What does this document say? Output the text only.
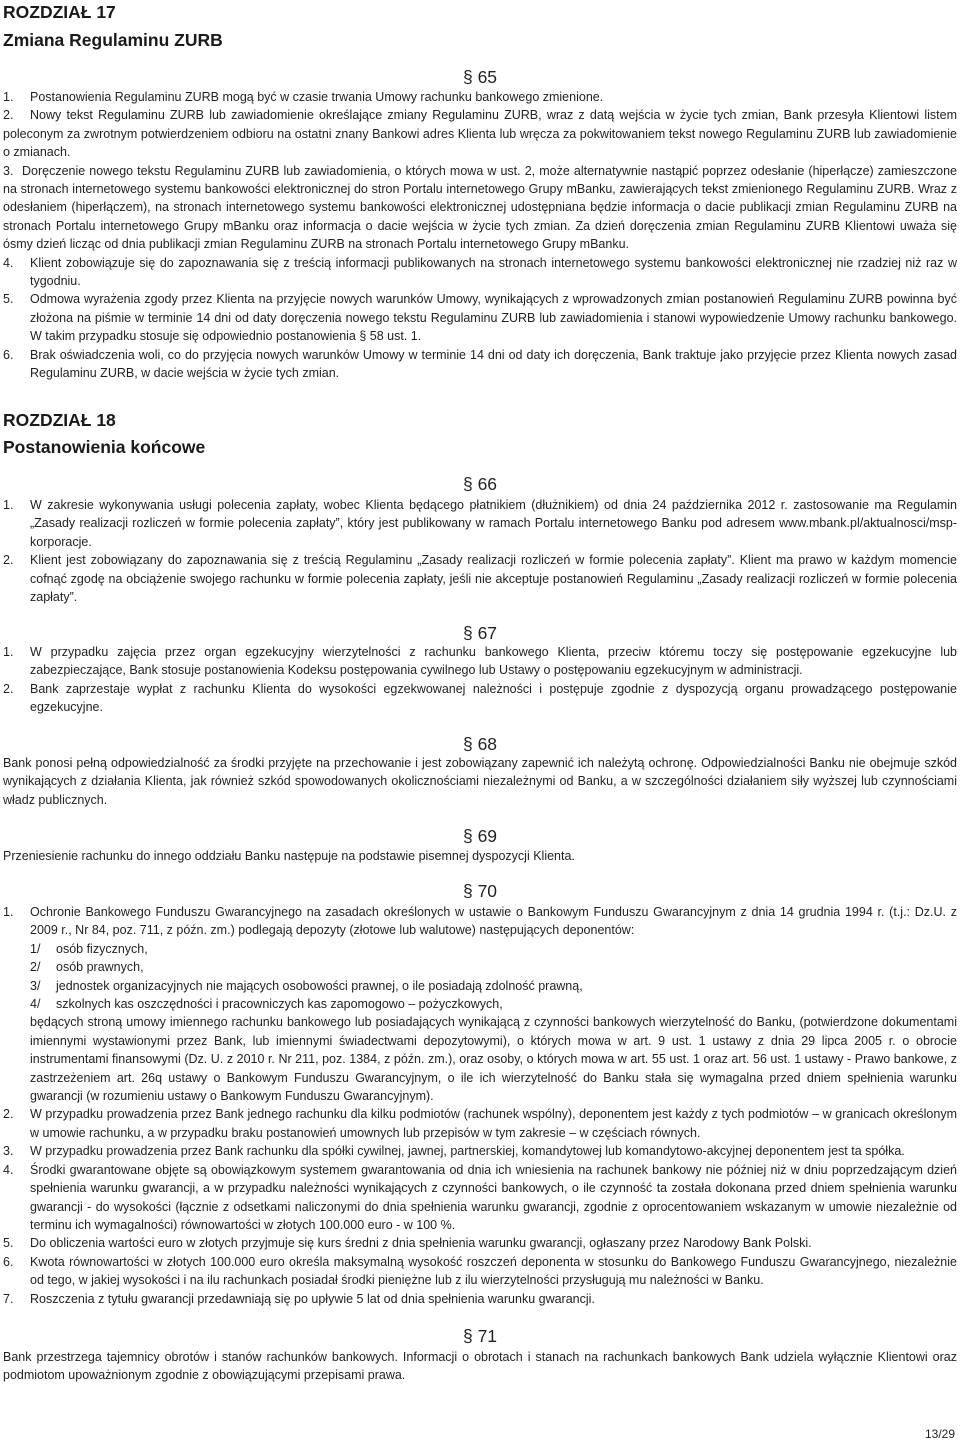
ROZDZIAŁ 17
Zmiana Regulaminu ZURB
§ 65
1. Postanowienia Regulaminu ZURB mogą być w czasie trwania Umowy rachunku bankowego zmienione.
2. Nowy tekst Regulaminu ZURB lub zawiadomienie określające zmiany Regulaminu ZURB, wraz z datą wejścia w życie tych zmian, Bank przesyła Klientowi listem poleconym za zwrotnym potwierdzeniem odbioru na ostatni znany Bankowi adres Klienta lub wręcza za pokwitowaniem tekst nowego Regulaminu ZURB lub zawiadomienie o zmianach.
3. Doręczenie nowego tekstu Regulaminu ZURB lub zawiadomienia, o których mowa w ust. 2, może alternatywnie nastąpić poprzez odesłanie (hiperłącze) zamieszczone na stronach internetowego systemu bankowości elektronicznej do stron Portalu internetowego Grupy mBanku, zawierających tekst zmienionego Regulaminu ZURB. Wraz z odesłaniem (hiperłączem), na stronach internetowego systemu bankowości elektronicznej udostępniana będzie informacja o dacie publikacji zmian Regulaminu ZURB na stronach Portalu internetowego Grupy mBanku oraz informacja o dacie wejścia w życie tych zmian. Za dzień doręczenia zmian Regulaminu ZURB Klientowi uważa się ósmy dzień licząc od dnia publikacji zmian Regulaminu ZURB na stronach Portalu internetowego Grupy mBanku.
4. Klient zobowiązuje się do zapoznawania się z treścią informacji publikowanych na stronach internetowego systemu bankowości elektronicznej nie rzadziej niż raz w tygodniu.
5. Odmowa wyrażenia zgody przez Klienta na przyjęcie nowych warunków Umowy, wynikających z wprowadzonych zmian postanowień Regulaminu ZURB powinna być złożona na piśmie w terminie 14 dni od daty doręczenia nowego tekstu Regulaminu ZURB lub zawiadomienia i stanowi wypowiedzenie Umowy rachunku bankowego. W takim przypadku stosuje się odpowiednio postanowienia § 58 ust. 1.
6. Brak oświadczenia woli, co do przyjęcia nowych warunków Umowy w terminie 14 dni od daty ich doręczenia, Bank traktuje jako przyjęcie przez Klienta nowych zasad Regulaminu ZURB, w dacie wejścia w życie tych zmian.
ROZDZIAŁ 18
Postanowienia końcowe
§ 66
1. W zakresie wykonywania usługi polecenia zapłaty, wobec Klienta będącego płatnikiem (dłużnikiem) od dnia 24 października 2012 r. zastosowanie ma Regulamin „Zasady realizacji rozliczeń w formie polecenia zapłaty”, który jest publikowany w ramach Portalu internetowego Banku pod adresem www.mbank.pl/aktualnosci/msp-korporacje.
2. Klient jest zobowiązany do zapoznawania się z treścią Regulaminu „Zasady realizacji rozliczeń w formie polecenia zapłaty”. Klient ma prawo w każdym momencie cofnąć zgodę na obciążenie swojego rachunku w formie polecenia zapłaty, jeśli nie akceptuje postanowień Regulaminu „Zasady realizacji rozliczeń w formie polecenia zapłaty”.
§ 67
1. W przypadku zajęcia przez organ egzekucyjny wierzytelności z rachunku bankowego Klienta, przeciw któremu toczy się postępowanie egzekucyjne lub zabezpieczające, Bank stosuje postanowienia Kodeksu postępowania cywilnego lub Ustawy o postępowaniu egzekucyjnym w administracji.
2. Bank zaprzestaje wypłat z rachunku Klienta do wysokości egzekwowanej należności i postępuje zgodnie z dyspozycją organu prowadzącego postępowanie egzekucyjne.
§ 68
Bank ponosi pełną odpowiedzialność za środki przyjęte na przechowanie i jest zobowiązany zapewnić ich należytą ochronę. Odpowiedzialności Banku nie obejmuje szkód wynikających z działania Klienta, jak również szkód spowodowanych okolicznościami niezależnymi od Banku, a w szczególności działaniem siły wyższej lub czynnościami władz publicznych.
§ 69
Przeniesienie rachunku do innego oddziału Banku następuje na podstawie pisemnej dyspozycji Klienta.
§ 70
1. Ochronie Bankowego Funduszu Gwarancyjnego na zasadach określonych w ustawie o Bankowym Funduszu Gwarancyjnym z dnia 14 grudnia 1994 r. (t.j.: Dz.U. z 2009 r., Nr 84, poz. 711, z późn. zm.) podlegają depozyty (złotowe lub walutowe) następujących deponentów:
1/ osób fizycznych,
2/ osób prawnych,
3/ jednostek organizacyjnych nie mających osobowości prawnej, o ile posiadają zdolność prawną,
4/ szkolnych kas oszczędności i pracowniczych kas zapomogowo – pożyczkowych,
będących stroną umowy imiennego rachunku bankowego lub posiadających wynikającą z czynności bankowych wierzytelność do Banku, (potwierdzone dokumentami imiennymi wystawionymi przez Bank, lub imiennymi świadectwami depozytowymi), o których mowa w art. 9 ust. 1 ustawy z dnia 29 lipca 2005 r. o obrocie instrumentami finansowymi (Dz. U. z 2010 r. Nr 211, poz. 1384, z późn. zm.), oraz osoby, o których mowa w art. 55 ust. 1 oraz art. 56 ust. 1 ustawy - Prawo bankowe, z zastrzeżeniem art. 26q ustawy o Bankowym Funduszu Gwarancyjnym, o ile ich wierzytelność do Banku stała się wymagalna przed dniem spełnienia warunku gwarancji (w rozumieniu ustawy o Bankowym Funduszu Gwarancyjnym).
2. W przypadku prowadzenia przez Bank jednego rachunku dla kilku podmiotów (rachunek wspólny), deponentem jest każdy z tych podmiotów – w granicach określonym w umowie rachunku, a w przypadku braku postanowień umownych lub przepisów w tym zakresie – w częściach równych.
3. W przypadku prowadzenia przez Bank rachunku dla spółki cywilnej, jawnej, partnerskiej, komandytowej lub komandytowo-akcyjnej deponentem jest ta spółka.
4. Środki gwarantowane objęte są obowiązkowym systemem gwarantowania od dnia ich wniesienia na rachunek bankowy nie później niż w dniu poprzedzającym dzień spełnienia warunku gwarancji, a w przypadku należności wynikających z czynności bankowych, o ile czynność ta została dokonana przed dniem spełnienia warunku gwarancji - do wysokości (łącznie z odsetkami naliczonymi do dnia spełnienia warunku gwarancji, zgodnie z oprocentowaniem wskazanym w umowie niezależnie od terminu ich wymagalności) równowartości w złotych 100.000 euro - w 100 %.
5. Do obliczenia wartości euro w złotych przyjmuje się kurs średni z dnia spełnienia warunku gwarancji, ogłaszany przez Narodowy Bank Polski.
6. Kwota równowartości w złotych 100.000 euro określa maksymalną wysokość roszczeń deponenta w stosunku do Bankowego Funduszu Gwarancyjnego, niezależnie od tego, w jakiej wysokości i na ilu rachunkach posiadał środki pieniężne lub z ilu wierzytelności przysługują mu należności w Banku.
7. Roszczenia z tytułu gwarancji przedawniają się po upływie 5 lat od dnia spełnienia warunku gwarancji.
§ 71
Bank przestrzega tajemnicy obrotów i stanów rachunków bankowych. Informacji o obrotach i stanach na rachunkach bankowych Bank udziela wyłącznie Klientowi oraz podmiotom upoważnionym zgodnie z obowiązującymi przepisami prawa.
13/29
